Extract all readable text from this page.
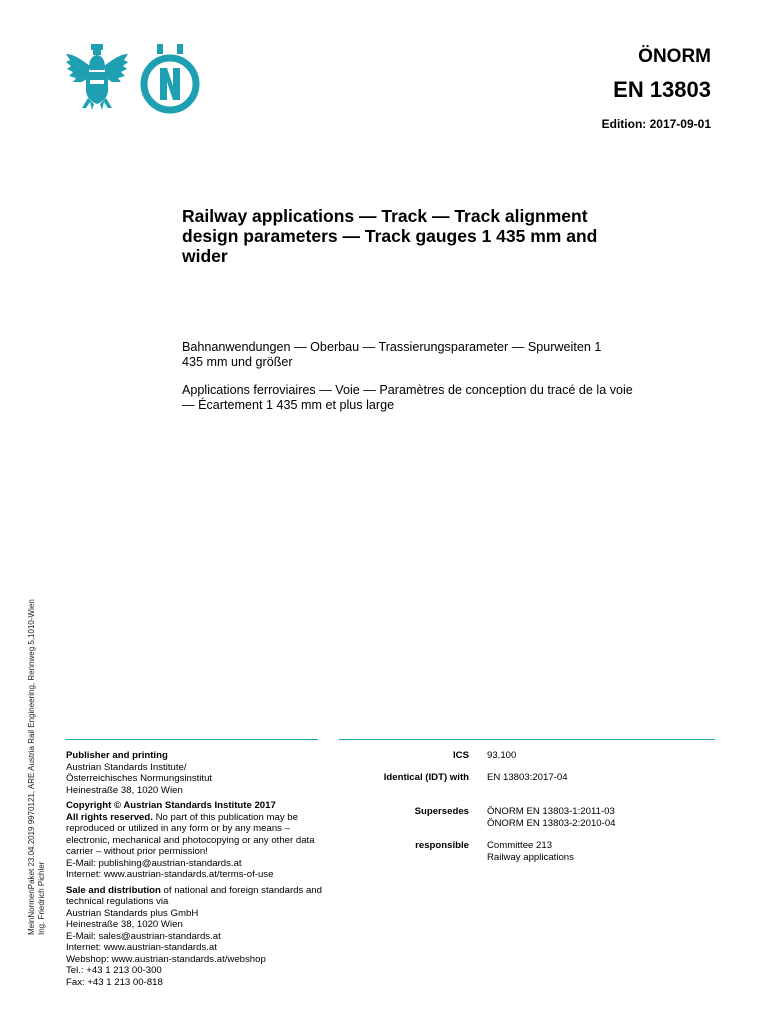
ÖNORM
EN 13803
Edition: 2017-09-01
Railway applications — Track — Track alignment design parameters — Track gauges 1 435 mm and wider
Bahnanwendungen — Oberbau — Trassierungsparameter — Spurweiten 1 435 mm und größer
Applications ferroviaires — Voie — Paramètres de conception du tracé de la voie — Écartement 1 435 mm et plus large

Publisher and printing
Austrian Standards Institute/
Österreichisches Normungsinstitut
Heinestraße 38, 1020 Wien

Copyright © Austrian Standards Institute 2017
All rights reserved. No part of this publication may be reproduced or utilized in any form or by any means – electronic, mechanical and photocopying or any other data carrier – without prior permission!
E-Mail: publishing@austrian-standards.at
Internet: www.austrian-standards.at/terms-of-use

Sale and distribution of national and foreign standards and technical regulations via
Austrian Standards plus GmbH
Heinestraße 38, 1020 Wien
E-Mail: sales@austrian-standards.at
Internet: www.austrian-standards.at
Webshop: www.austrian-standards.at/webshop
Tel.: +43 1 213 00-300
Fax: +43 1 213 00-818

ICS 93.100
Identical (IDT) with EN 13803:2017-04
Supersedes ÖNORM EN 13803-1:2011-03
ÖNORM EN 13803-2:2010-04
responsible Committee 213
Railway applications
MeinNormenPaket 23.04.2019 9970121, ARE Austria Rail Engineering, Rennweg 5,1010-Wien Ing. Friedrich Pichler
